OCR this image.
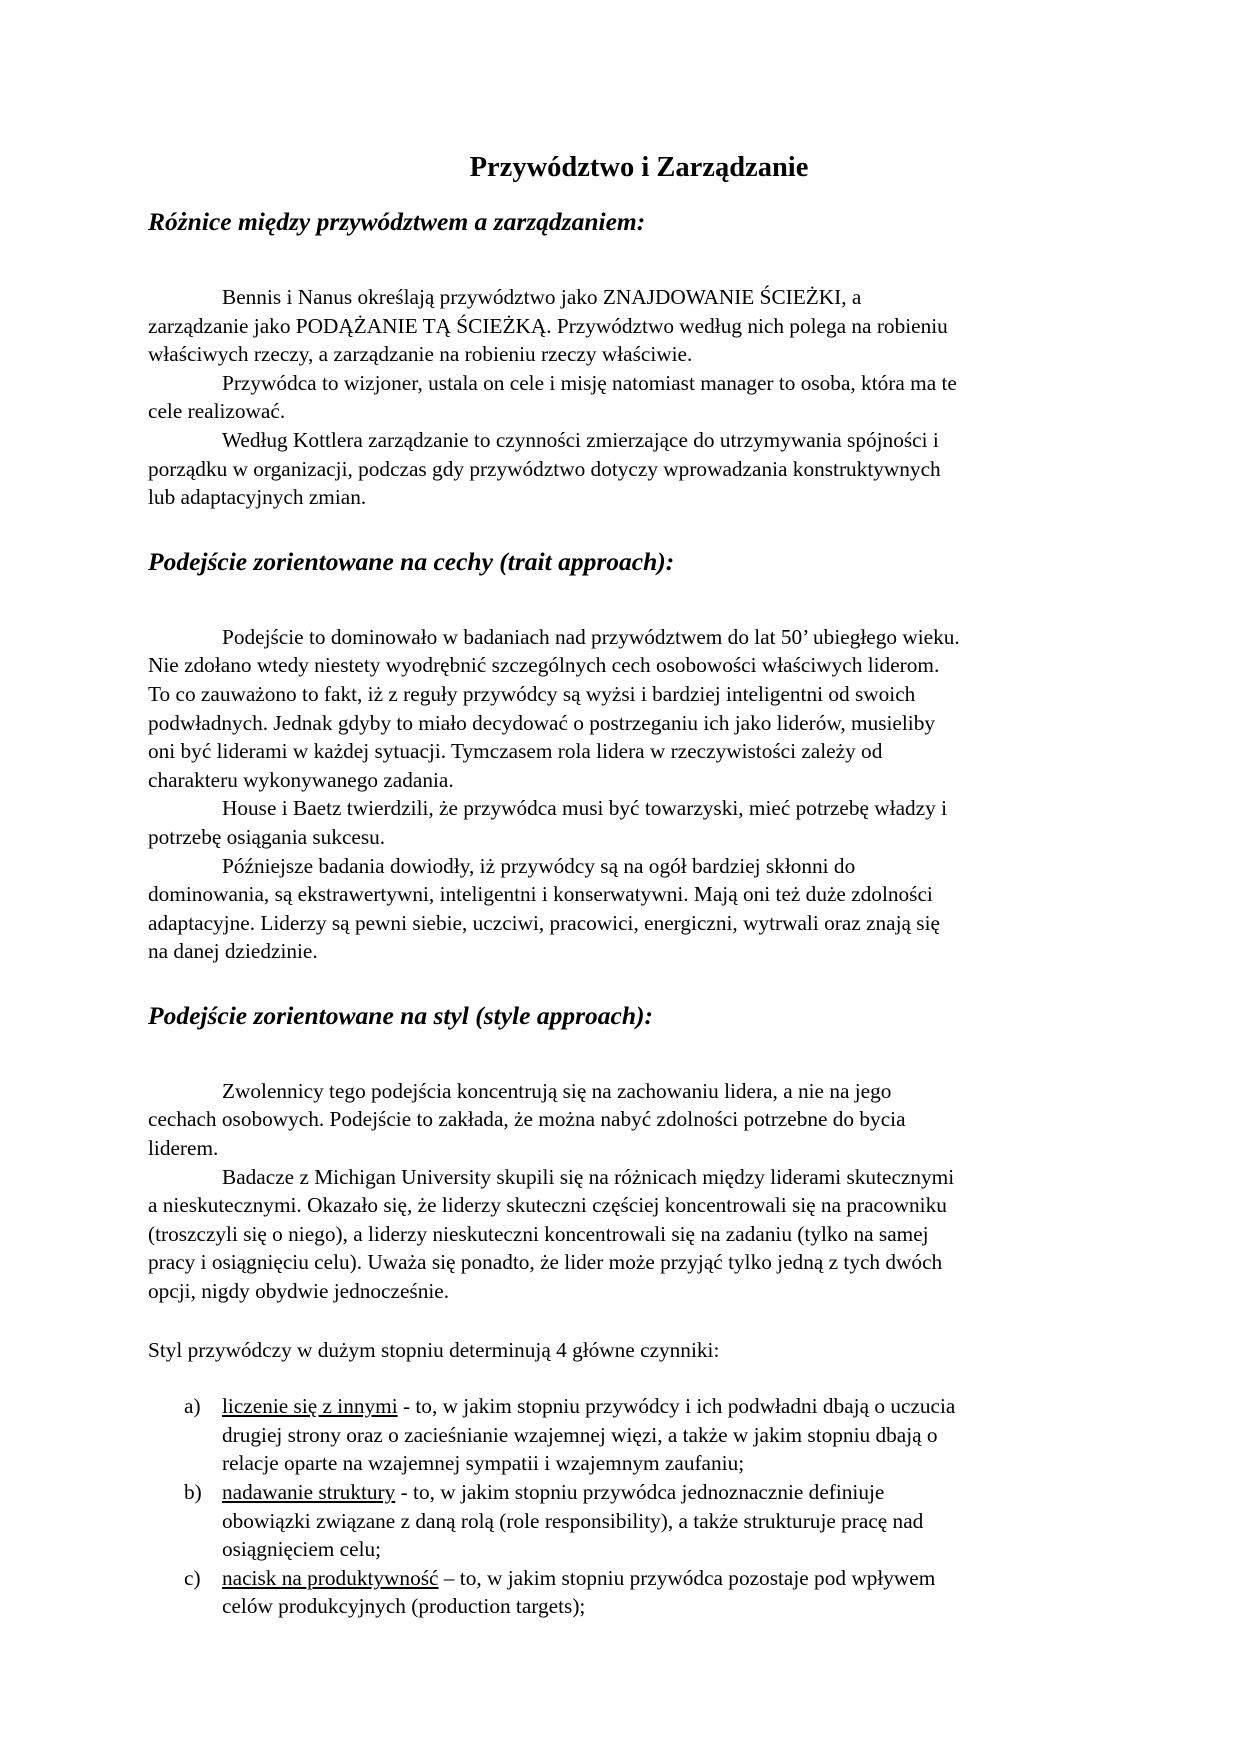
Przywództwo i Zarządzanie
Różnice między przywództwem a zarządzaniem:

Bennis i Nanus określają przywództwo jako ZNAJDOWANIE ŚCIEŻKI, a
zarządzanie jako PODĄŻANIE TĄ ŚCIEŻKĄ. Przywództwo według nich polega na robieniu
właściwych rzeczy, a zarządzanie na robieniu rzeczy właściwie.

Przywódca to wizjoner, ustala on cele i misję natomiast manager to osoba, która ma te
cele realizować.

Według Kottlera zarządzanie to czynności zmierzające do utrzymywania spójności i
porządku w organizacji, podczas gdy przywództwo dotyczy wprowadzania konstruktywnych
lub adaptacyjnych zmian.

Podejście zorientowane na cechy (trait approach):

Podejście to dominowało w badaniach nad przywództwem do lat 50’ ubiegłego wieku.
Nie zdołano wtedy niestety wyodrębnić szczególnych cech osobowości właściwych liderom.
To co zauważono to fakt, iż z reguły przywódcy są wyżsi i bardziej inteligentni od swoich
podwładnych. Jednak gdyby to miało decydować o postrzeganiu ich jako liderów, musieliby
oni być liderami w każdej sytuacji. Tymczasem rola lidera w rzeczywistości zależy od
charakteru wykonywanego zadania.

House i Baetz twierdzili, że przywódca musi być towarzyski, mieć potrzebę władzy i
potrzebę osiągania sukcesu.

Późniejsze badania dowiodły, iż przywódcy są na ogół bardziej skłonni do
dominowania, są ekstrawertywni, inteligentni i konserwatywni. Mają oni też duże zdolności
adaptacyjne. Liderzy są pewni siebie, uczciwi, pracowici, energiczni, wytrwali oraz znają się
na danej dziedzinie.

Podejście zorientowane na styl (style approach):

Zwolennicy tego podejścia koncentrują się na zachowaniu lidera, a nie na jego
cechach osobowych. Podejście to zakłada, że można nabyć zdolności potrzebne do bycia
liderem.

Badacze z Michigan University skupili się na różnicach między liderami skutecznymi
a nieskutecznymi. Okazało się, że liderzy skuteczni częściej koncentrowali się na pracowniku
(troszczyli się o niego), a liderzy nieskuteczni koncentrowali się na zadaniu (tylko na samej
pracy i osiągnięciu celu). Uważa się ponadto, że lider może przyjąć tylko jedną z tych dwóch
opcji, nigdy obydwie jednocześnie.

Styl przywódczy w dużym stopniu determinują 4 główne czynniki:

a) liczenie się z innymi - to, w jakim stopniu przywódcy i ich podwładni dbają o uczucia
drugiej strony oraz o zacieśnianie wzajemnej więzi, a także w jakim stopniu dbają o
relacje oparte na wzajemnej sympatii i wzajemnym zaufaniu;
b) nadawanie struktury - to, w jakim stopniu przywódca jednoznacznie definiuje
obowiązki związane z daną rolą (role responsibility), a także strukturuje pracę nad
osiągnięciem celu;
c) nacisk na produktywność – to, w jakim stopniu przywódca pozostaje pod wpływem
celów produkcyjnych (production targets);
